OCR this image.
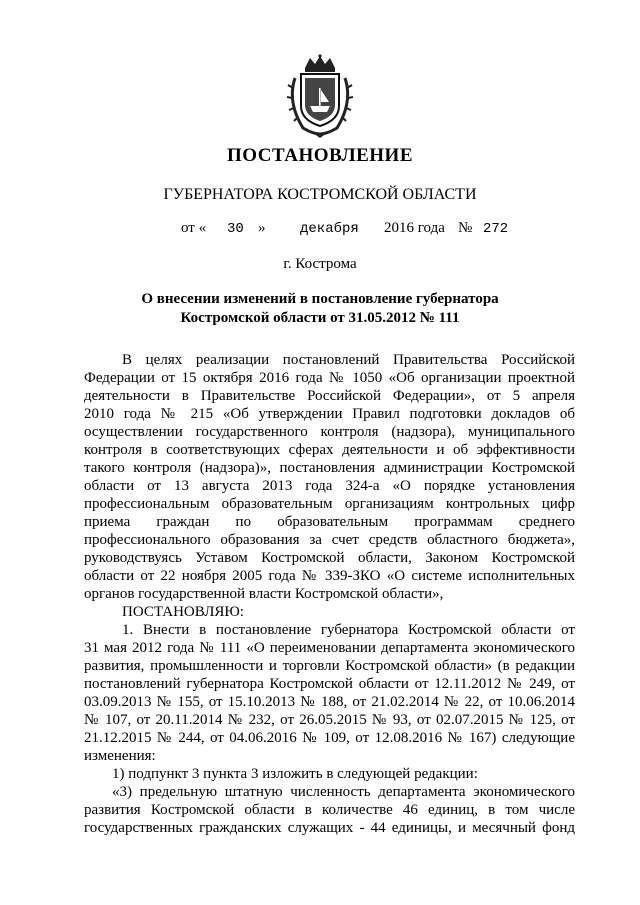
ПОСТАНОВЛЕНИЕ
ГУБЕРНАТОРА КОСТРОМСКОЙ ОБЛАСТИ
от « 30 » декабря 2016 года № 272
г. Кострома
О внесении изменений в постановление губернатора
Костромской области от 31.05.2012 № 111
В целях реализации постановлений Правительства Российской
Федерации от 15 октября 2016 года № 1050 «Об организации проектной
деятельности в Правительстве Российской Федерации», от 5 апреля
2010 года № 215 «Об утверждении Правил подготовки докладов об
осуществлении государственного контроля (надзора), муниципального
контроля в соответствующих сферах деятельности и об эффективности
такого контроля (надзора)», постановления администрации Костромской
области от 13 августа 2013 года 324-а «О порядке установления
профессиональным образовательным организациям контрольных цифр
приема граждан по образовательным программам среднего
профессионального образования за счет средств областного бюджета»,
руководствуясь Уставом Костромской области, Законом Костромской
области от 22 ноября 2005 года № 339-ЗКО «О системе исполнительных
органов государственной власти Костромской области»,
ПОСТАНОВЛЯЮ:
1. Внести в постановление губернатора Костромской области от
31 мая 2012 года № 111 «О переименовании департамента экономического
развития, промышленности и торговли Костромской области» (в редакции
постановлений губернатора Костромской области от 12.11.2012 № 249, от
03.09.2013 № 155, от 15.10.2013 № 188, от 21.02.2014 № 22, от 10.06.2014
№ 107, от 20.11.2014 № 232, от 26.05.2015 № 93, от 02.07.2015 № 125, от
21.12.2015 № 244, от 04.06.2016 № 109, от 12.08.2016 № 167) следующие
изменения:
1) подпункт 3 пункта 3 изложить в следующей редакции:
«3) предельную штатную численность департамента экономического
развития Костромской области в количестве 46 единиц, в том числе
государственных гражданских служащих - 44 единицы, и месячный фонд
